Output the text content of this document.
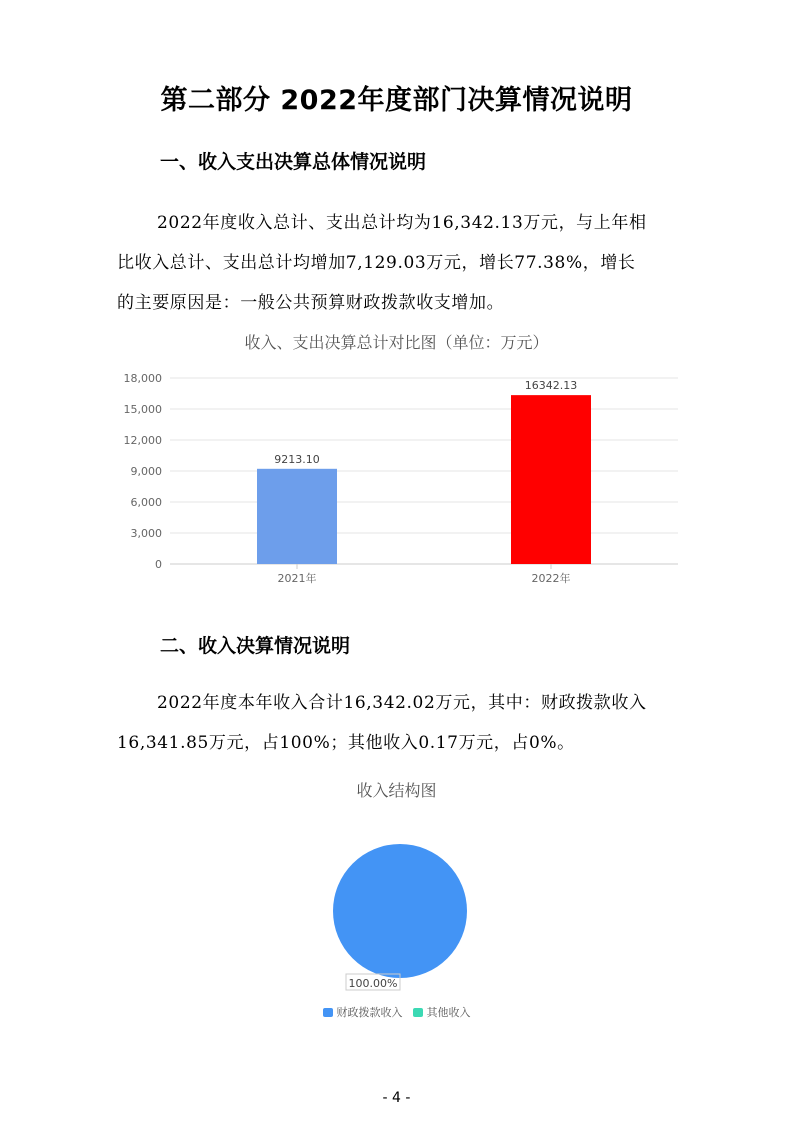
第二部分 2022年度部门决算情况说明
一、收入支出决算总体情况说明
2022年度收入总计、支出总计均为16,342.13万元，与上年相
比收入总计、支出总计均增加7,129.03万元，增长77.38%，增长
的主要原因是：一般公共预算财政拨款收支增加。
收入、支出决算总计对比图（单位：万元）
0
3,000
6,000
9,000
12,000
15,000
18,000
9213.10
2021年
16342.13
2022年
二、收入决算情况说明
2022年度本年收入合计16,342.02万元，其中：财政拨款收入
16,341.85万元，占100%；其他收入0.17万元，占0%。
收入结构图
100.00%
财政拨款收入 其他收入
- 4 -
